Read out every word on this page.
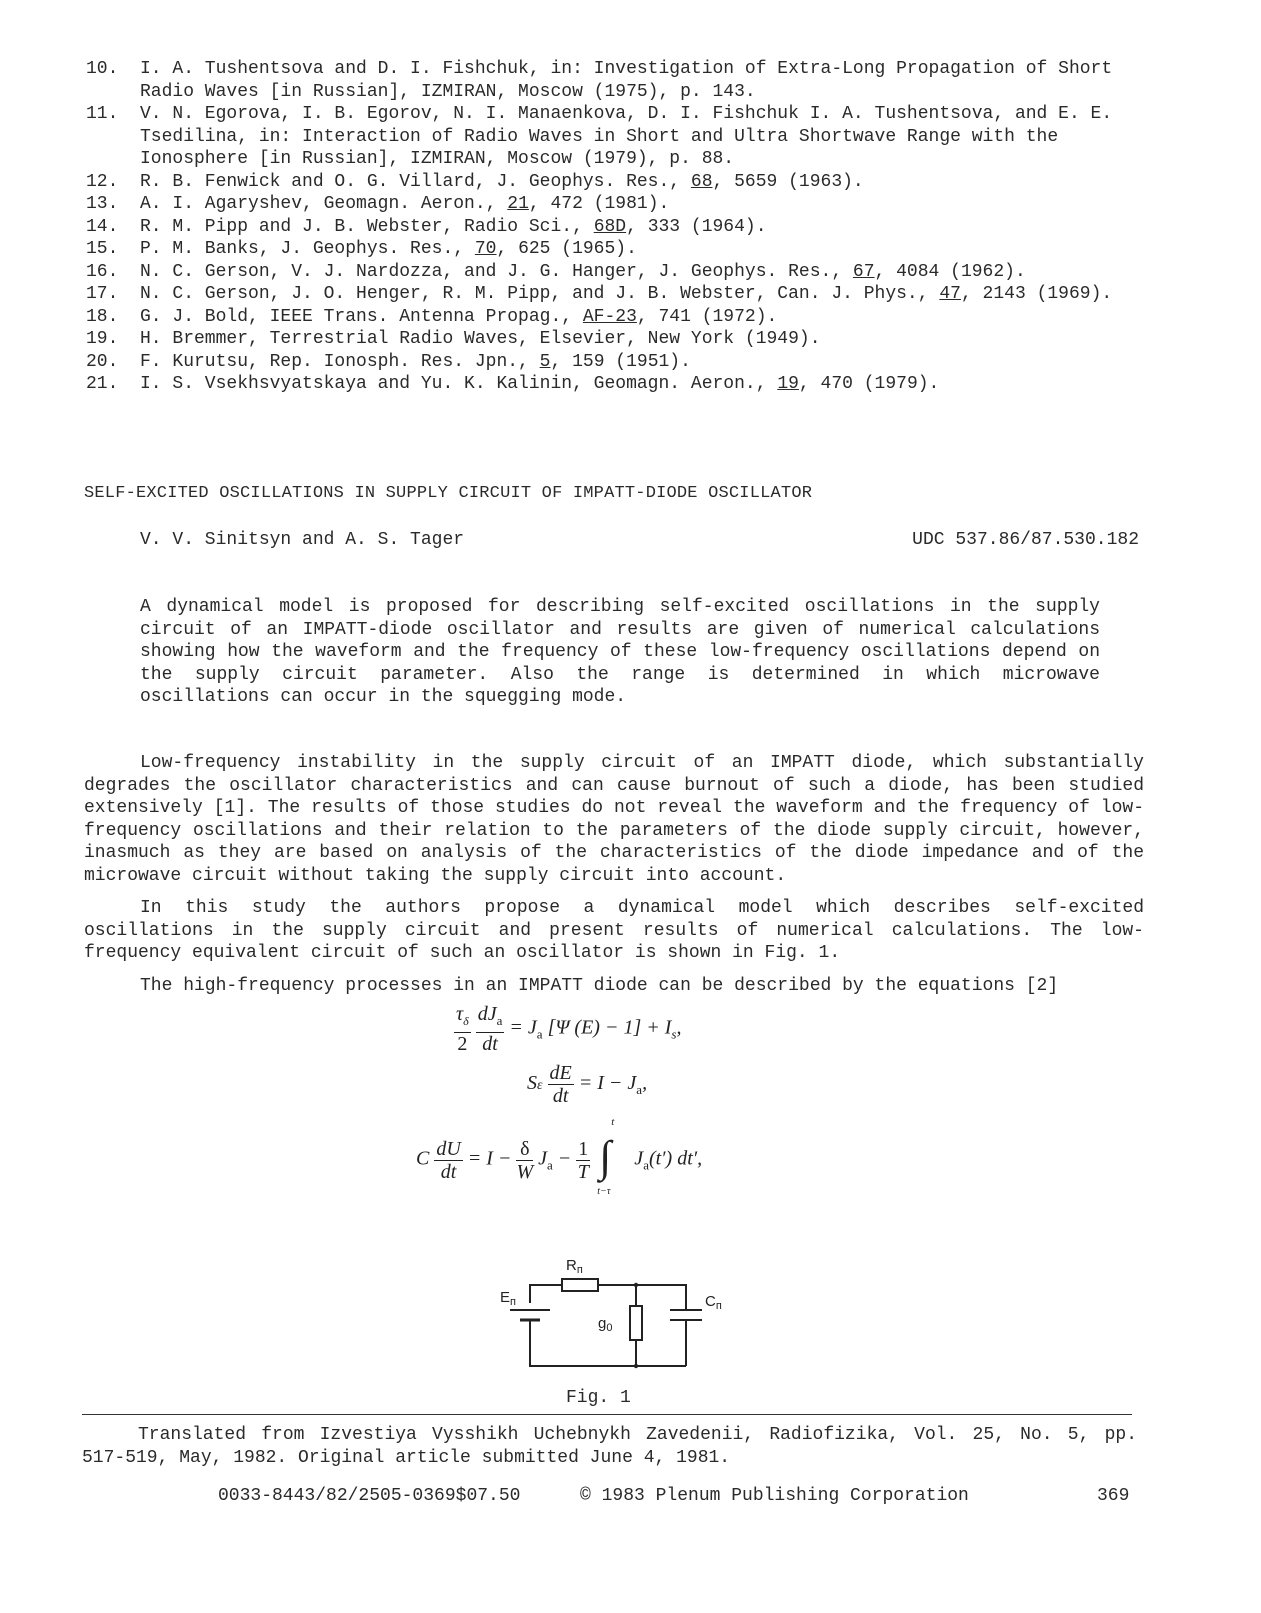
10.	I. A. Tushentsova and D. I. Fishchuk, in: Investigation of Extra-Long Propagation of Short Radio Waves [in Russian], IZMIRAN, Moscow (1975), p. 143.
11.	V. N. Egorova, I. B. Egorov, N. I. Manaenkova, D. I. Fishchuk I. A. Tushentsova, and E. E. Tsedilina, in: Interaction of Radio Waves in Short and Ultra Shortwave Range with the Ionosphere [in Russian], IZMIRAN, Moscow (1979), p. 88.
12.	R. B. Fenwick and O. G. Villard, J. Geophys. Res., 68, 5659 (1963).
13.	A. I. Agaryshev, Geomagn. Aeron., 21, 472 (1981).
14.	R. M. Pipp and J. B. Webster, Radio Sci., 68D, 333 (1964).
15.	P. M. Banks, J. Geophys. Res., 70, 625 (1965).
16.	N. C. Gerson, V. J. Nardozza, and J. G. Hanger, J. Geophys. Res., 67, 4084 (1962).
17.	N. C. Gerson, J. O. Henger, R. M. Pipp, and J. B. Webster, Can. J. Phys., 47, 2143 (1969).
18.	G. J. Bold, IEEE Trans. Antenna Propag., AF-23, 741 (1972).
19.	H. Bremmer, Terrestrial Radio Waves, Elsevier, New York (1949).
20.	F. Kurutsu, Rep. Ionosph. Res. Jpn., 5, 159 (1951).
21.	I. S. Vsekhsvyatskaya and Yu. K. Kalinin, Geomagn. Aeron., 19, 470 (1979).
SELF-EXCITED OSCILLATIONS IN SUPPLY CIRCUIT OF IMPATT-DIODE OSCILLATOR
V. V. Sinitsyn and A. S. Tager	UDC 537.86/87.530.182
A dynamical model is proposed for describing self-excited oscillations in the supply circuit of an IMPATT-diode oscillator and results are given of numerical calculations showing how the waveform and the frequency of these low-frequency oscillations depend on the supply circuit parameter. Also the range is determined in which microwave oscillations can occur in the squegging mode.
Low-frequency instability in the supply circuit of an IMPATT diode, which substantially degrades the oscillator characteristics and can cause burnout of such a diode, has been studied extensively [1]. The results of those studies do not reveal the waveform and the frequency of low-frequency oscillations and their relation to the parameters of the diode supply circuit, however, inasmuch as they are based on analysis of the characteristics of the diode impedance and of the microwave circuit without taking the supply circuit into account.
In this study the authors propose a dynamical model which describes self-excited oscillations in the supply circuit and present results of numerical calculations. The low-frequency equivalent circuit of such an oscillator is shown in Fig. 1.
The high-frequency processes in an IMPATT diode can be described by the equations [2]
$\frac{\tau_\delta}{2}$
$\frac{dJ_a}{dt} = J_a$ [Ψ $(E) - 1] + I_s$,
Sε $\frac{dE}{dt} = I - J_a$,
C $\frac{dU}{dt} = I - \frac{\delta}{W} J_a - \frac{1}{T}$

t
∫
t−τ
$J_a(t')$ dt′,
$R_п$
$E_п$	$C_п$
$g_0$
Fig. 1
Translated from Izvestiya Vysshikh Uchebnykh Zavedenii, Radiofizika, Vol. 25, No. 5, pp. 517-519, May, 1982. Original article submitted June 4, 1981.
0033-8443/82/2505-0369$07.50	© 1983 Plenum Publishing Corporation	369
